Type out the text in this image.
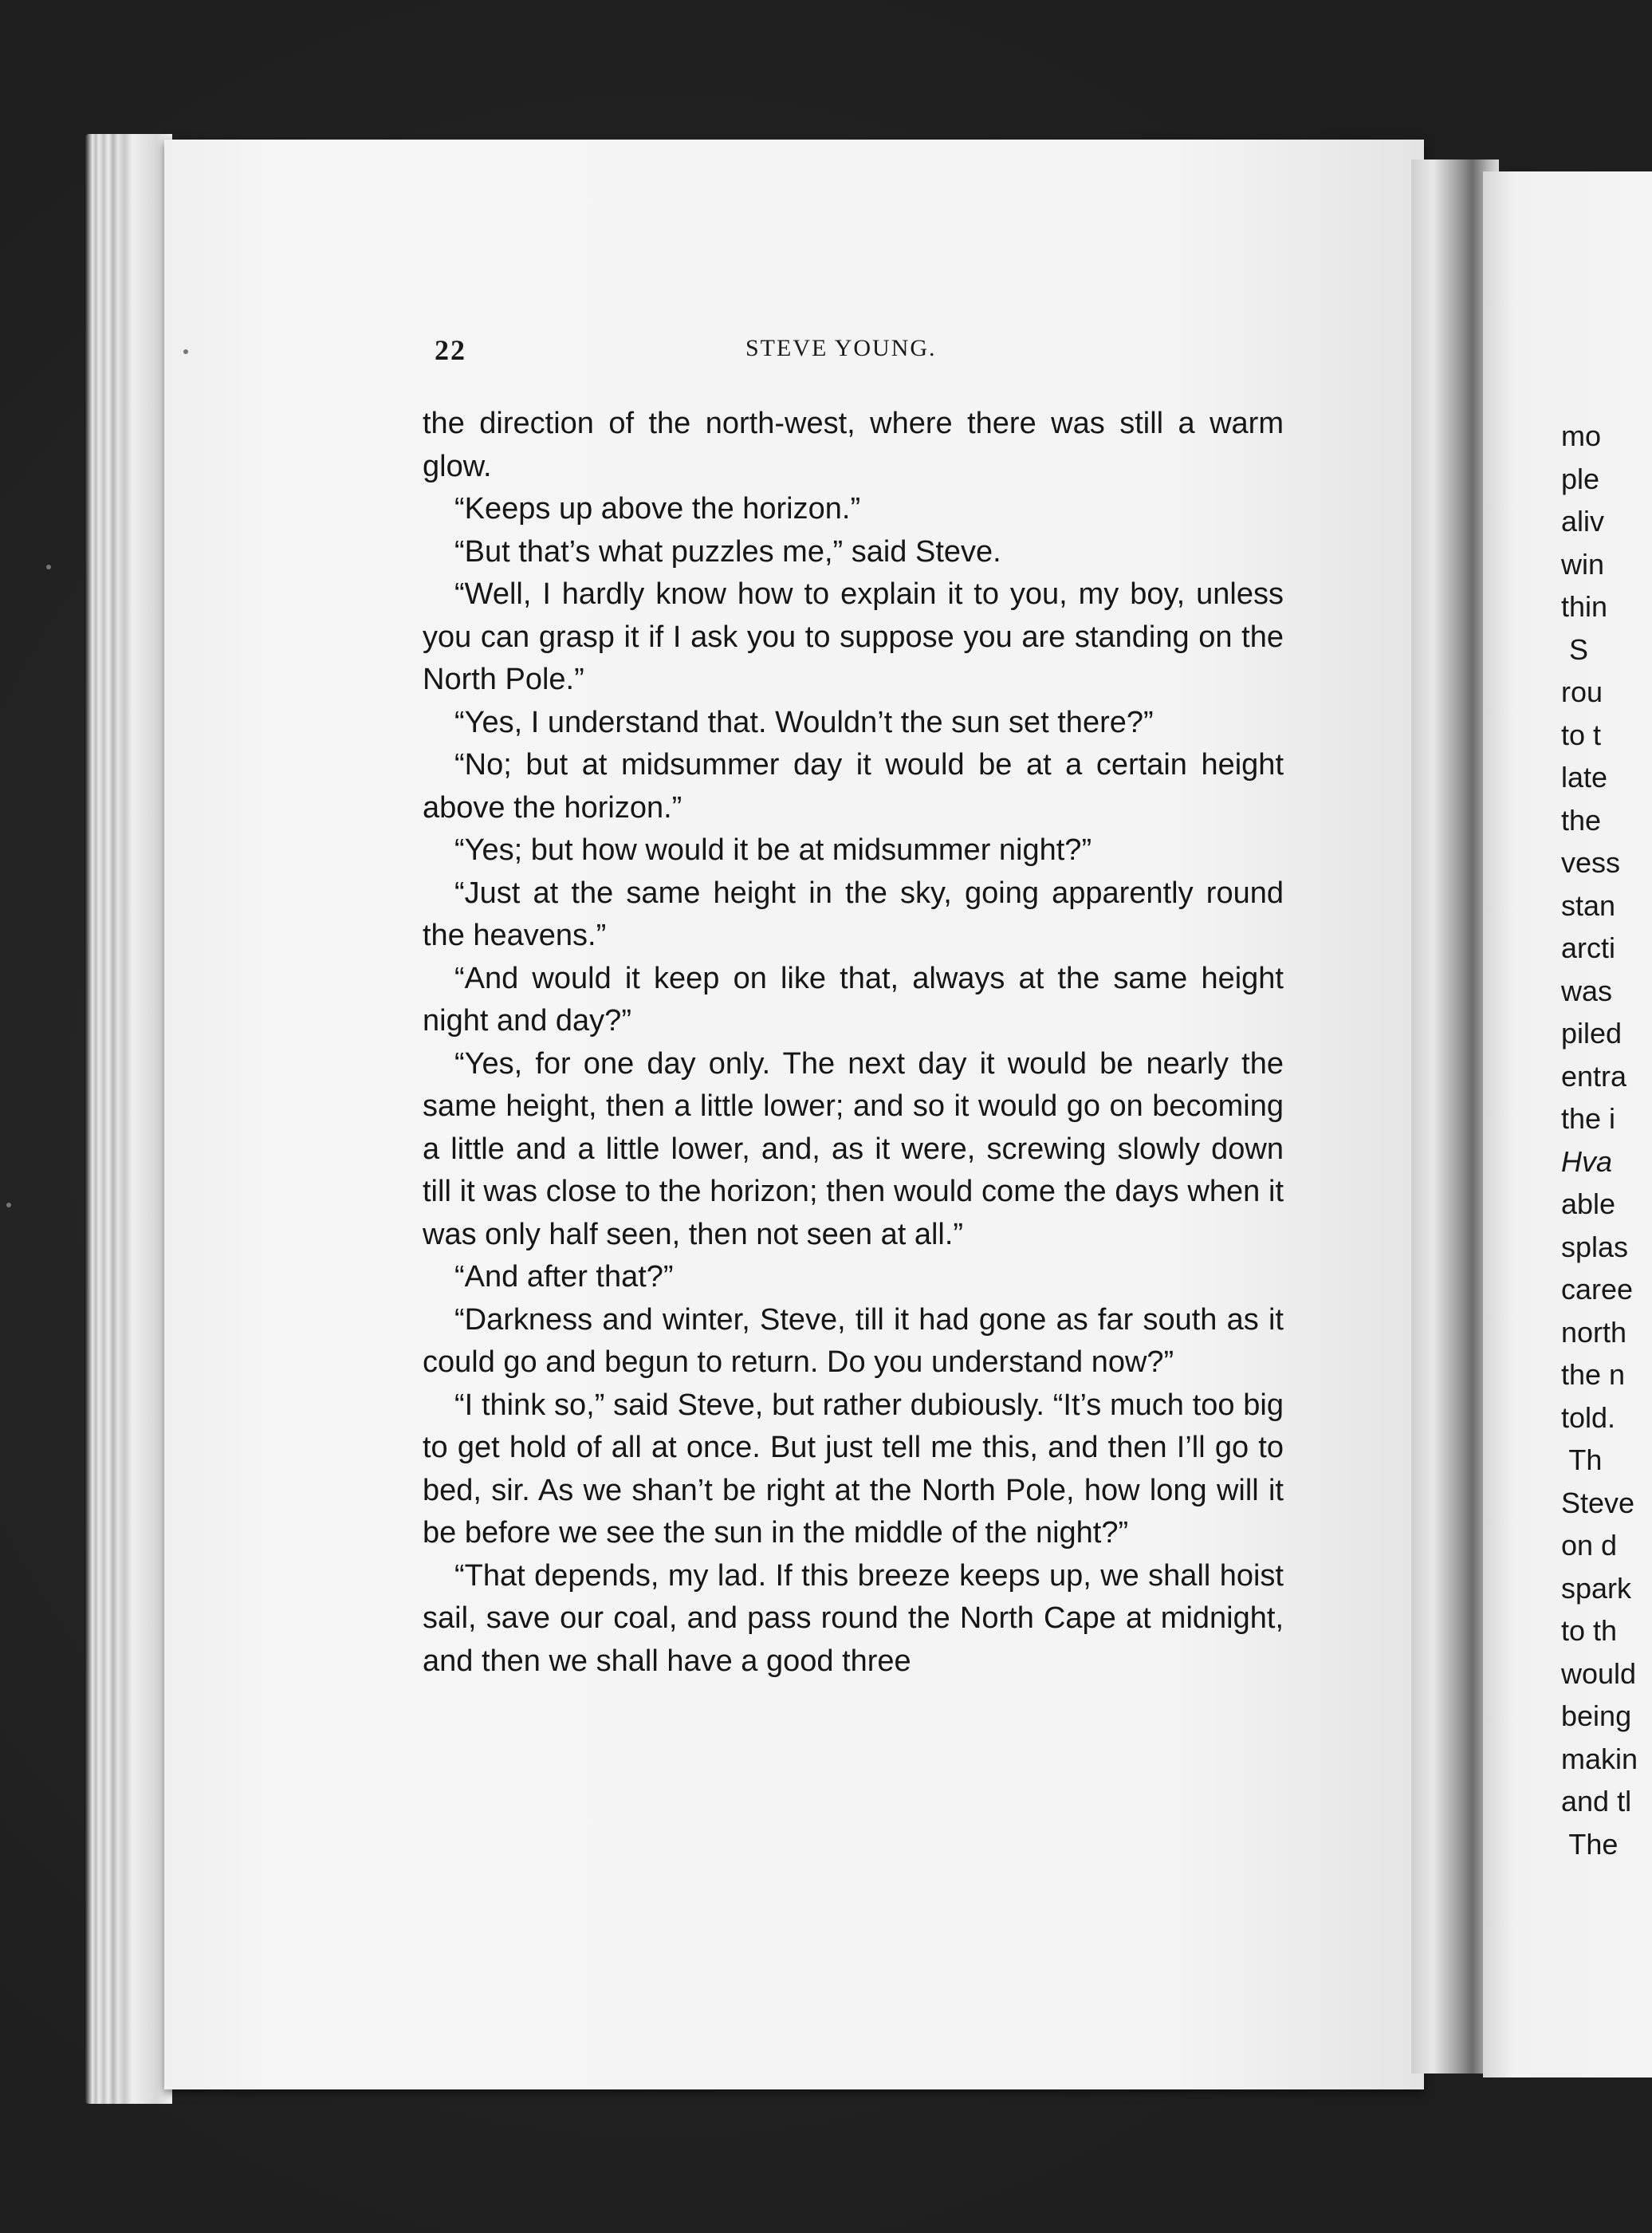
22	STEVE YOUNG.

the direction of the north-west, where there was still a warm glow.

“Keeps up above the horizon.”

“But that’s what puzzles me,” said Steve.

“Well, I hardly know how to explain it to you, my boy, unless you can grasp it if I ask you to suppose you are standing on the North Pole.”

“Yes, I understand that. Wouldn’t the sun set there?”

“No; but at midsummer day it would be at a certain height above the horizon.”

“Yes; but how would it be at midsummer night?”

“Just at the same height in the sky, going apparently round the heavens.”

“And would it keep on like that, always at the same height night and day?”

“Yes, for one day only. The next day it would be nearly the same height, then a little lower; and so it would go on becoming a little and a little lower, and, as it were, screwing slowly down till it was close to the horizon; then would come the days when it was only half seen, then not seen at all.”

“And after that?”

“Darkness and winter, Steve, till it had gone as far south as it could go and begun to return. Do you understand now?”

“I think so,” said Steve, but rather dubiously. “It’s much too big to get hold of all at once. But just tell me this, and then I’ll go to bed, sir. As we shan’t be right at the North Pole, how long will it be before we see the sun in the middle of the night?”

“That depends, my lad. If this breeze keeps up, we shall hoist sail, save our coal, and pass round the North Cape at midnight, and then we shall have a good three

mo
ple
aliv
win
thin
S
rou
to t
late
the
vess
stan
arcti
was
piled
entra
the i
Hva
able
splas
caree
north
the n
told.
Th
Steve
on d
spark
to th
would
being
makin
and tl
The
